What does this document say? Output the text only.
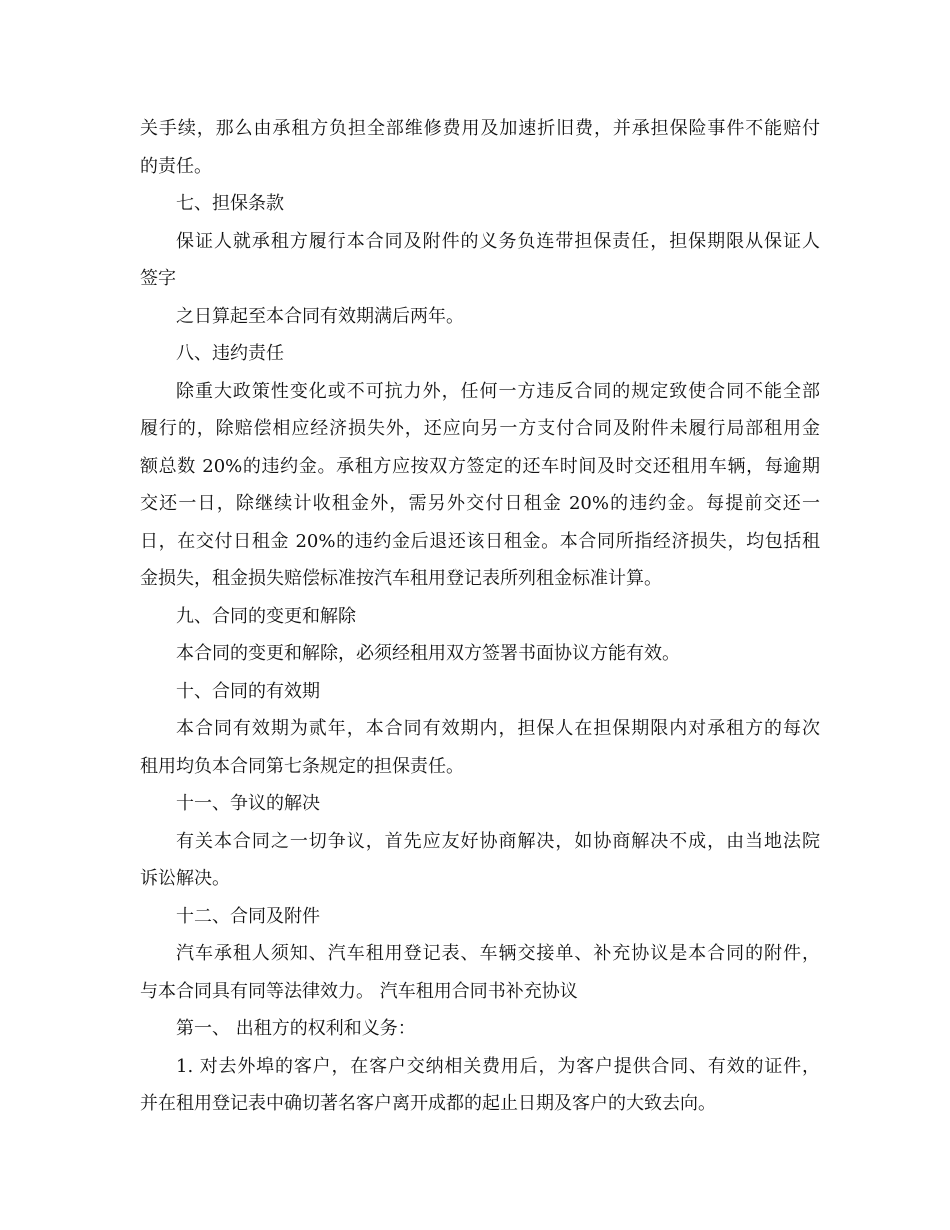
关手续，那么由承租方负担全部维修费用及加速折旧费，并承担保险事件不能赔付
的责任。
七、担保条款
保证人就承租方履行本合同及附件的义务负连带担保责任，担保期限从保证人
签字
之日算起至本合同有效期满后两年。
八、违约责任
除重大政策性变化或不可抗力外，任何一方违反合同的规定致使合同不能全部
履行的，除赔偿相应经济损失外，还应向另一方支付合同及附件未履行局部租用金
额总数 20%的违约金。承租方应按双方签定的还车时间及时交还租用车辆，每逾期
交还一日，除继续计收租金外，需另外交付日租金 20%的违约金。每提前交还一
日，在交付日租金 20%的违约金后退还该日租金。本合同所指经济损失，均包括租
金损失，租金损失赔偿标准按汽车租用登记表所列租金标准计算。
九、合同的变更和解除
本合同的变更和解除，必须经租用双方签署书面协议方能有效。
十、合同的有效期
本合同有效期为贰年，本合同有效期内，担保人在担保期限内对承租方的每次
租用均负本合同第七条规定的担保责任。
十一、争议的解决
有关本合同之一切争议，首先应友好协商解决，如协商解决不成，由当地法院
诉讼解决。
十二、合同及附件
汽车承租人须知、汽车租用登记表、车辆交接单、补充协议是本合同的附件，
与本合同具有同等法律效力。 汽车租用合同书补充协议
第一、 出租方的权利和义务：
1. 对去外埠的客户，在客户交纳相关费用后，为客户提供合同、有效的证件，
并在租用登记表中确切著名客户离开成都的起止日期及客户的大致去向。
